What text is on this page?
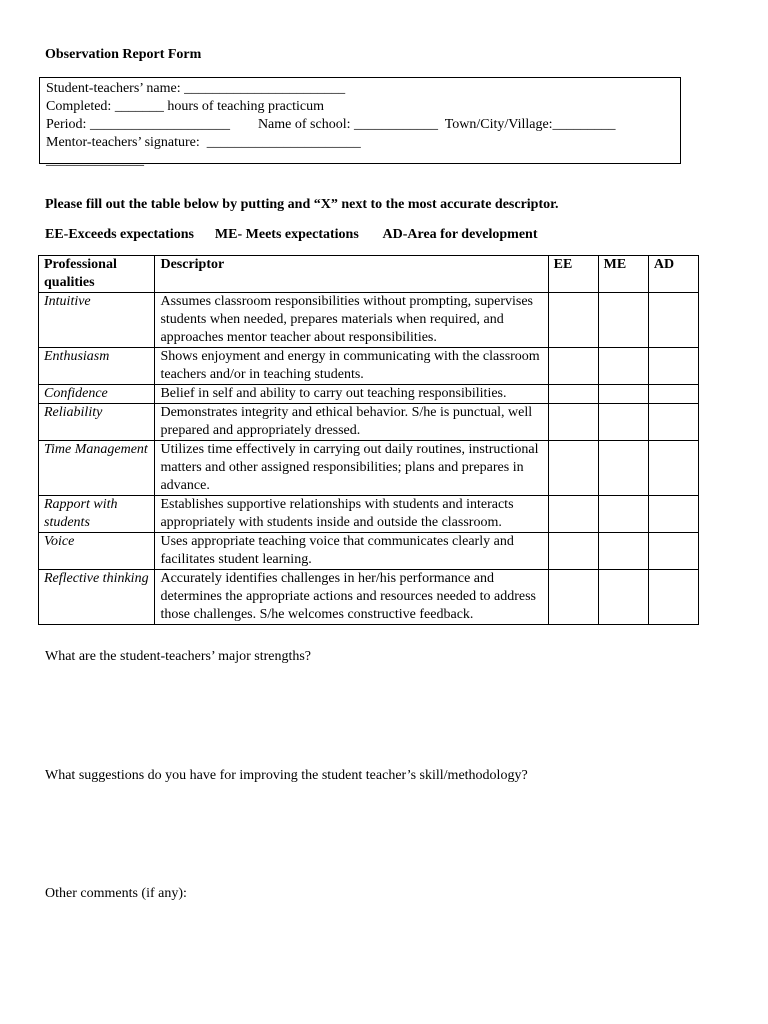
Observation Report Form
Student-teachers’ name: _______________________
Completed: _______ hours of teaching practicum
Period: ____________________        Name of school: ____________  Town/City/Village:_________
Mentor-teachers’ signature:  ______________________
______________
Please fill out the table below by putting and “X” next to the most accurate descriptor.
EE-Exceeds expectations      ME- Meets expectations       AD-Area for development
Professional qualities	Descriptor	EE	ME	AD
Intuitive	Assumes classroom responsibilities without prompting, supervises students when needed, prepares materials when required, and approaches mentor teacher about responsibilities.			
Enthusiasm	Shows enjoyment and energy in communicating with the classroom teachers and/or in teaching students.			
Confidence	Belief in self and ability to carry out teaching responsibilities.			
Reliability	Demonstrates integrity and ethical behavior. S/he is punctual, well prepared and appropriately dressed.			
Time Management	Utilizes time effectively in carrying out daily routines, instructional matters and other assigned responsibilities; plans and prepares in advance.			
Rapport with students	Establishes supportive relationships with students and interacts appropriately with students inside and outside the classroom.			
Voice	Uses appropriate teaching voice that communicates clearly and facilitates student learning.			
Reflective thinking	Accurately identifies challenges in her/his performance and determines the appropriate actions and resources needed to address those challenges. S/he welcomes constructive feedback.			
What are the student-teachers’ major strengths?
What suggestions do you have for improving the student teacher’s skill/methodology?
Other comments (if any):
